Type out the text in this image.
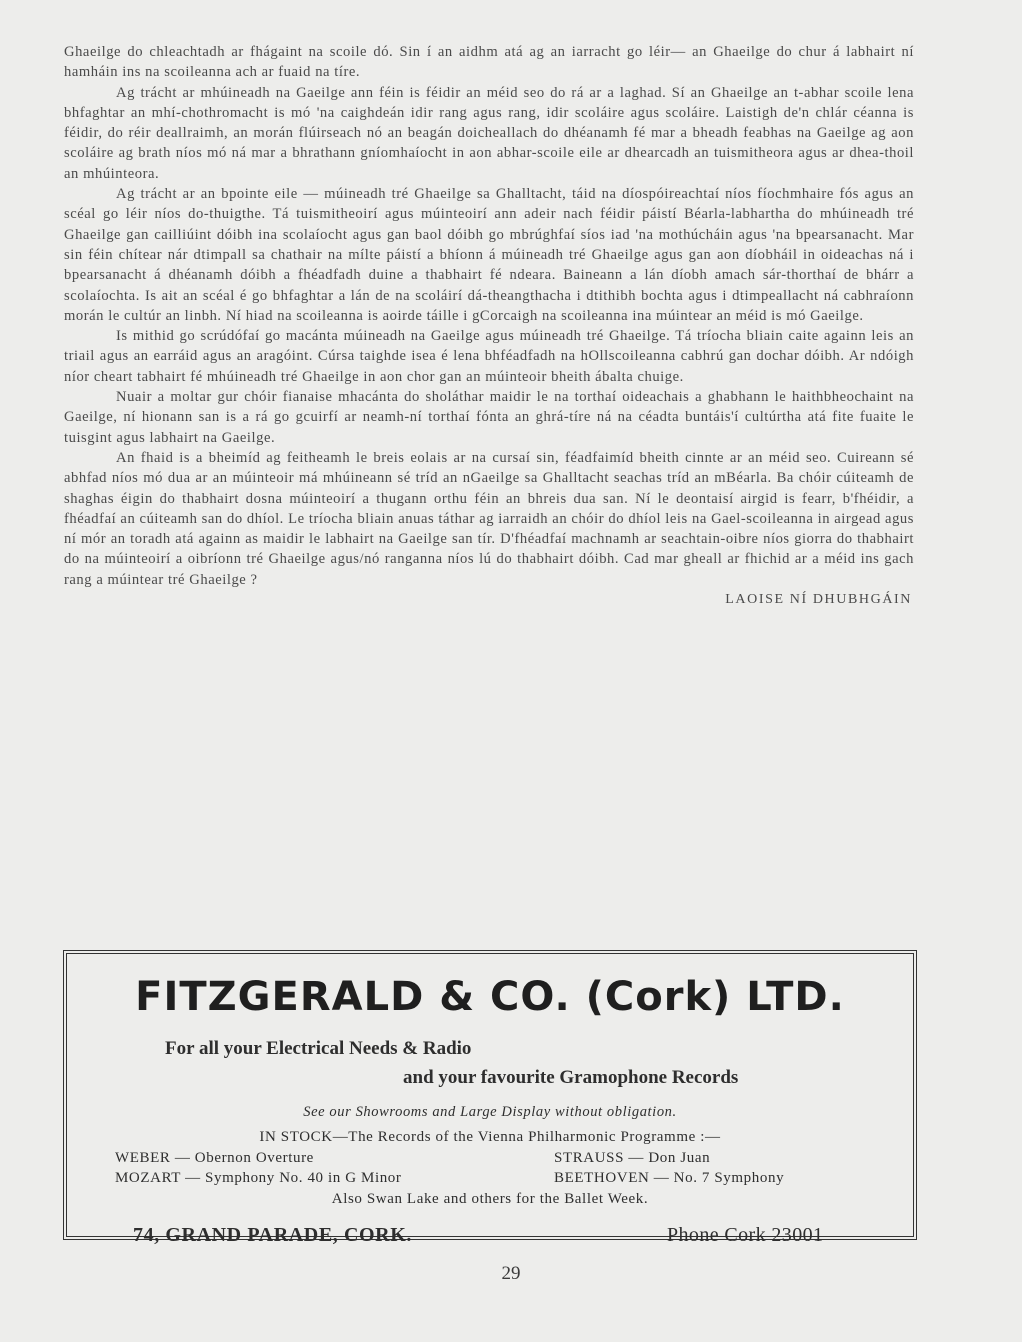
Ghaeilge do chleachtadh ar fhágaint na scoile dó. Sin í an aidhm atá ag an iarracht go léir— an Ghaeilge do chur á labhairt ní hamháin ins na scoileanna ach ar fuaid na tíre.

Ag trácht ar mhúineadh na Gaeilge ann féin is féidir an méid seo do rá ar a laghad. Sí an Ghaeilge an t-abhar scoile lena bhfaghtar an mhí-chothromacht is mó 'na caighdeán idir rang agus rang, idir scoláire agus scoláire. Laistigh de'n chlár céanna is féidir, do réir deallraimh, an morán flúirseach nó an beagán doicheallach do dhéanamh fé mar a bheadh feabhas na Gaeilge ag aon scoláire ag brath níos mó ná mar a bhrathann gníomhaíocht in aon abhar-scoile eile ar dhearcadh an tuismitheora agus ar dhea-thoil an mhúinteora.

Ag trácht ar an bpointe eile — múineadh tré Ghaeilge sa Ghalltacht, táid na díospóireachtaí níos fíochmhaire fós agus an scéal go léir níos do-thuigthe. Tá tuismitheoirí agus múinteoirí ann adeir nach féidir páistí Béarla-labhartha do mhúineadh tré Ghaeilge gan cailliúint dóibh ina scolaíocht agus gan baol dóibh go mbrúghfaí síos iad 'na mothúcháin agus 'na bpearsanacht. Mar sin féin chítear nár dtimpall sa chathair na mílte páistí a bhíonn á múineadh tré Ghaeilge agus gan aon díobháil in oideachas ná i bpearsanacht á dhéanamh dóibh a fhéadfadh duine a thabhairt fé ndeara. Baineann a lán díobh amach sár-thorthaí de bhárr a scolaíochta. Is ait an scéal é go bhfaghtar a lán de na scoláirí dá-theangthacha i dtithibh bochta agus i dtimpeallacht ná cabhraíonn morán le cultúr an linbh. Ní hiad na scoileanna is aoirde táille i gCorcaigh na scoileanna ina múintear an méid is mó Gaeilge.

Is mithid go scrúdófaí go macánta múineadh na Gaeilge agus múineadh tré Ghaeilge. Tá tríocha bliain caite againn leis an triail agus an earráid agus an aragóint. Cúrsa taighde isea é lena bhféadfadh na hOllscoileanna cabhrú gan dochar dóibh. Ar ndóigh níor cheart tabhairt fé mhúineadh tré Ghaeilge in aon chor gan an múinteoir bheith ábalta chuige.

Nuair a moltar gur chóir fianaise mhacánta do sholáthar maidir le na torthaí oideachais a ghabhann le haithbheochaint na Gaeilge, ní hionann san is a rá go gcuirfí ar neamh-ní torthaí fónta an ghrá-tíre ná na céadta buntáis'í cultúrtha atá fite fuaite le tuisgint agus labhairt na Gaeilge.

An fhaid is a bheimíd ag feitheamh le breis eolais ar na cursaí sin, féadfaimíd bheith cinnte ar an méid seo. Cuireann sé abhfad níos mó dua ar an múinteoir má mhúineann sé tríd an nGaeilge sa Ghalltacht seachas tríd an mBéarla. Ba chóir cúiteamh de shaghas éigin do thabhairt dosna múinteoirí a thugann orthu féin an bhreis dua san. Ní le deontaisí airgid is fearr, b'fhéidir, a fhéadfaí an cúiteamh san do dhíol. Le tríocha bliain anuas táthar ag iarraidh an chóir do dhíol leis na Gael-scoileanna in airgead agus ní mór an toradh atá againn as maidir le labhairt na Gaeilge san tír. D'fhéadfaí machnamh ar seachtain-oibre níos giorra do thabhairt do na múinteoirí a oibríonn tré Ghaeilge agus/nó ranganna níos lú do thabhairt dóibh. Cad mar gheall ar fhichid ar a méid ins gach rang a múintear tré Ghaeilge ?

LAOISE NÍ DHUBHGÁIN
FITZGERALD & CO. (Cork) LTD.
For all your Electrical Needs & Radio
and your favourite Gramophone Records
See our Showrooms and Large Display without obligation.
IN STOCK—The Records of the Vienna Philharmonic Programme :—
WEBER — Obernon Overture	STRAUSS — Don Juan
MOZART — Symphony No. 40 in G Minor	BEETHOVEN — No. 7 Symphony
Also Swan Lake and others for the Ballet Week.
74, GRAND PARADE, CORK.	Phone Cork 23001
29
